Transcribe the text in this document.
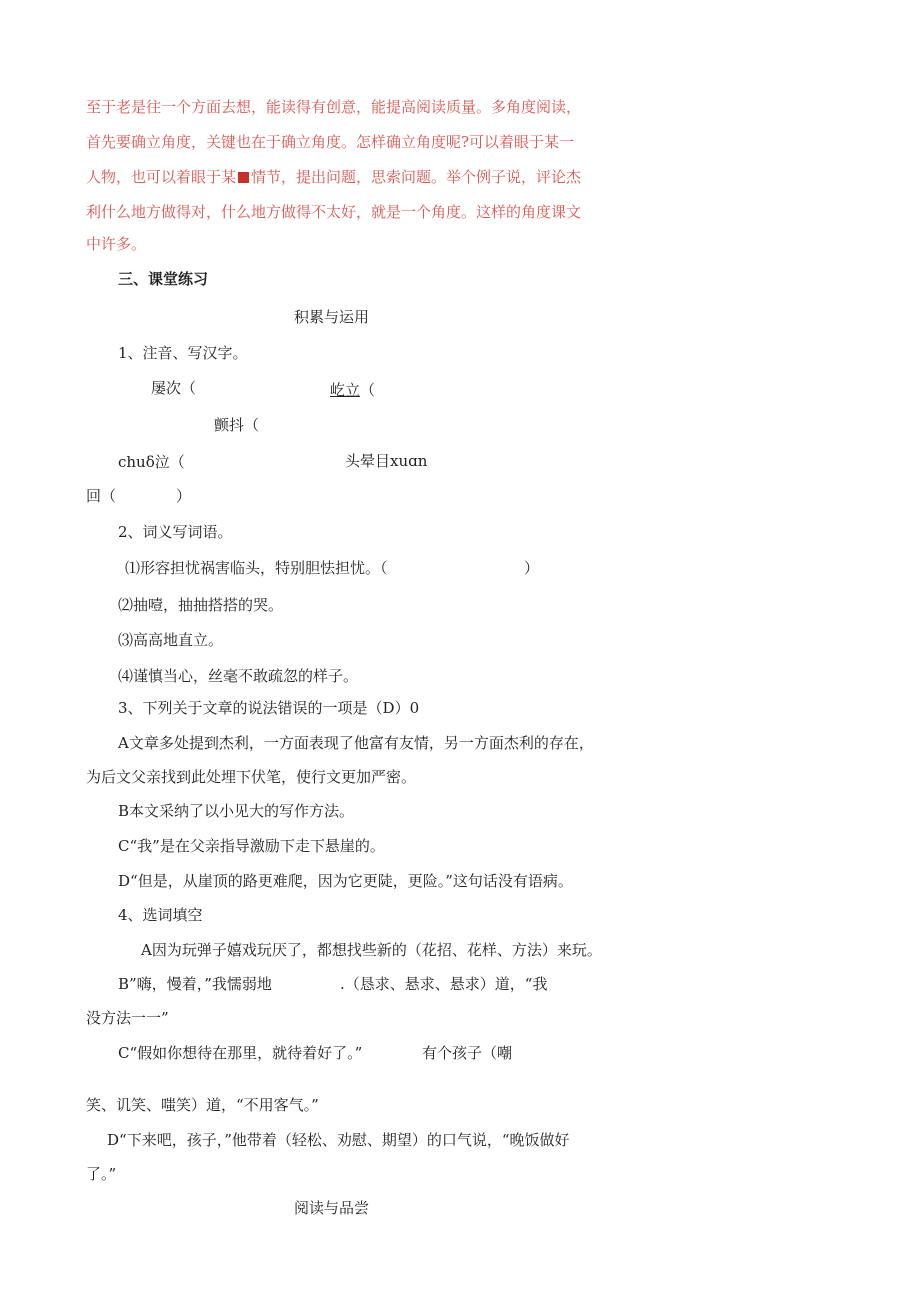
至于老是往一个方面去想，能读得有创意，能提高阅读质量。多角度阅读，
首先要确立角度，关键也在于确立角度。怎样确立角度呢?可以着眼于某一
人物，也可以着眼于某 情节，提出问题，思索问题。举个例子说，评论杰
利什么地方做得对，什么地方做得不太好，就是一个角度。这样的角度课文
中许多。
三、课堂练习
积累与运用
1、注音、写汉字。
屡次（	屹立（
颤抖（
chuδ泣（	头晕目xuɑn
回（　　　　）
2、词义写词语。
⑴形容担忧祸害临头，特别胆怯担忧。（	）
⑵抽噎，抽抽搭搭的哭。
⑶高高地直立。
⑷谨慎当心，丝毫不敢疏忽的样子。
3、下列关于文章的说法错误的一项是（D）0
A文章多处提到杰利，一方面表现了他富有友情，另一方面杰利的存在，
为后文父亲找到此处埋下伏笔，使行文更加严密。
B本文采纳了以小见大的写作方法。
C“我”是在父亲指导激励下走下悬崖的。
D“但是，从崖顶的路更难爬，因为它更陡，更险。”这句话没有语病。
4、选词填空
A因为玩弹子嬉戏玩厌了，都想找些新的（花招、花样、方法）来玩。
B”嗨，慢着，”我懦弱地	.（恳求、悬求、悬求）道，“我
没方法一一”
C“假如你想待在那里，就待着好了。”	有个孩子（嘲
笑、讥笑、嗤笑）道，“不用客气。”
D“下来吧，孩子，”他带着（轻松、劝慰、期望）的口气说，“晚饭做好
了。”
阅读与品尝
